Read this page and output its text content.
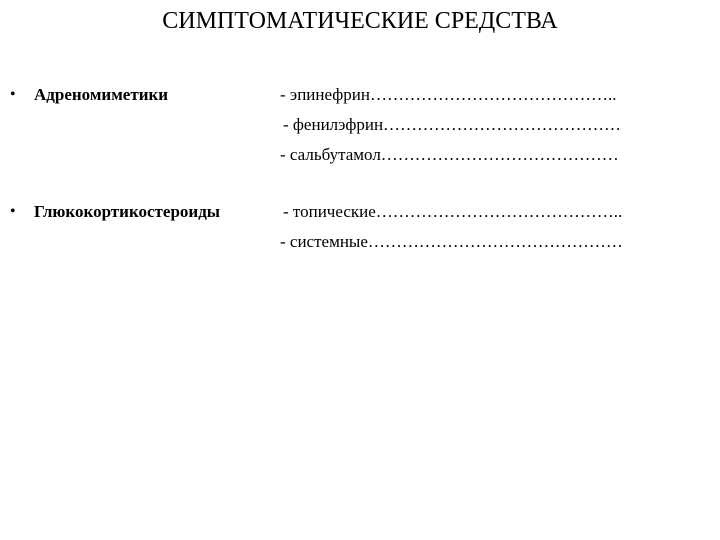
СИМПТОМАТИЧЕСКИЕ СРЕДСТВА
• Адреномиметики	- эпинефрин……………………………………..
- фенилэфрин……………………………………
- сальбутамол……………………………………
• Глюкокортикостероиды	- топические……………………………………..
- системные………………………………………
